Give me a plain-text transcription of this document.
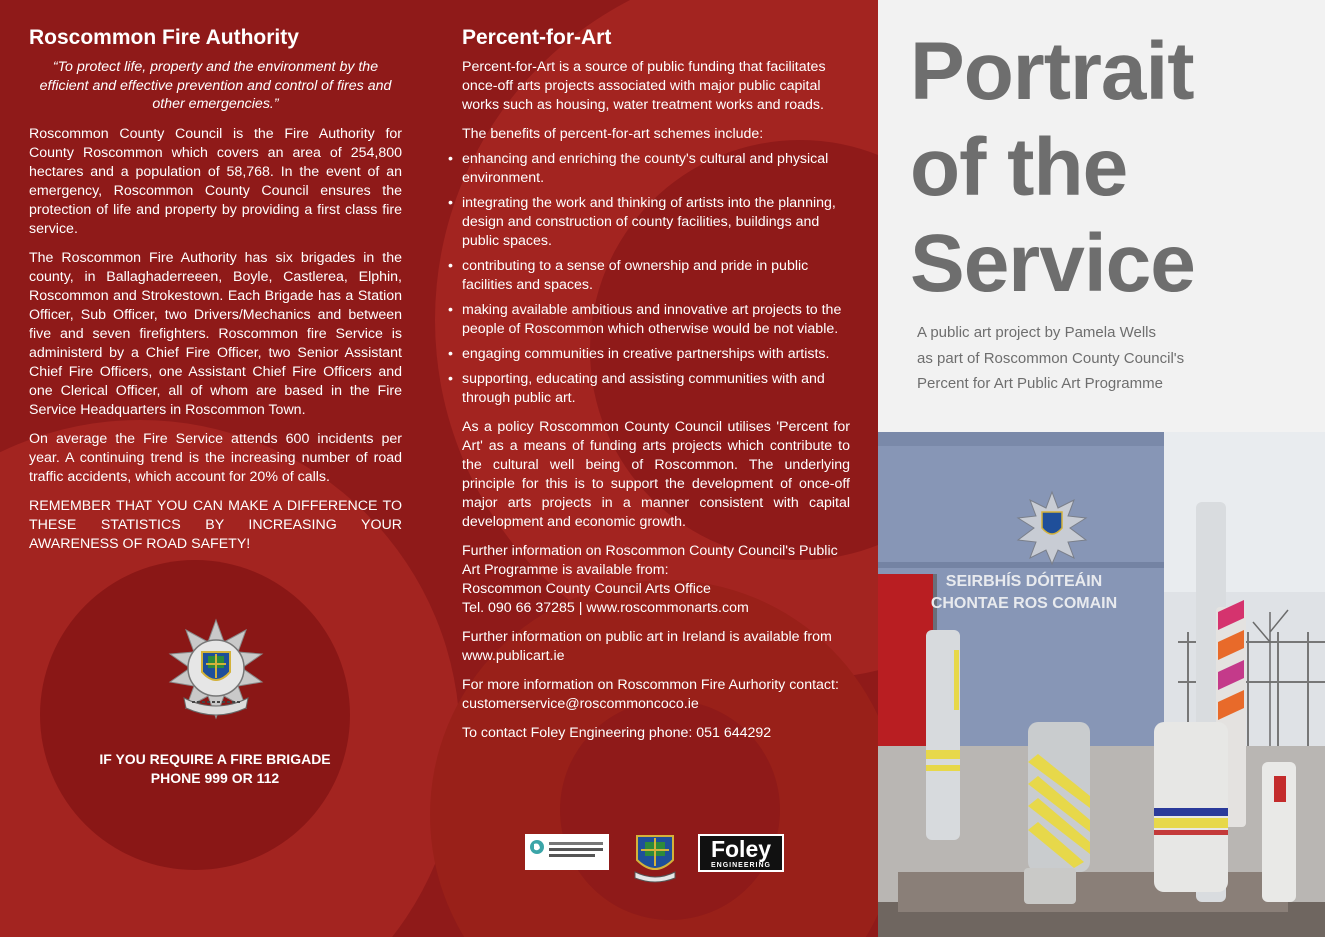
Roscommon Fire Authority

“To protect life, property and the environment by the efficient and effective prevention and control of fires and other emergencies.”

Roscommon County Council is the Fire Authority for County Roscommon which covers an area of 254,800 hectares and a population of 58,768. In the event of an emergency, Roscommon County Council ensures the protection of life and property by providing a first class fire service.

The Roscommon Fire Authority has six brigades in the county, in Ballaghaderreeen, Boyle, Castlerea, Elphin, Roscommon and Strokestown. Each Brigade has a Station Officer, Sub Officer, two Drivers/Mechanics and between five and seven firefighters. Roscommon fire Service is administerd by a Chief Fire Officer, two Senior Assistant Chief Fire Officers, one Assistant Chief Fire Officers and one Clerical Officer, all of whom are based in the Fire Service Headquarters in Roscommon Town.

On average the Fire Service attends 600 incidents per year. A continuing trend is the increasing number of road traffic accidents, which account for 20% of calls.

REMEMBER THAT YOU CAN MAKE A DIFFERENCE TO THESE STATISTICS BY INCREASING YOUR AWARENESS OF ROAD SAFETY!

IF YOU REQUIRE A FIRE BRIGADE
PHONE 999 OR 112
Percent-for-Art

Percent-for-Art is a source of public funding that facilitates once-off arts projects associated with major public capital works such as housing, water treatment works and roads.

The benefits of percent-for-art schemes include:

• enhancing and enriching the county's cultural and physical environment.
• integrating the work and thinking of artists into the planning, design and construction of county facilities, buildings and public spaces.
• contributing to a sense of ownership and pride in public facilities and spaces.
• making available ambitious and innovative art projects to the people of Roscommon which otherwise would be not viable.
• engaging communities in creative partnerships with artists.
• supporting, educating and assisting communities with and through public art.

As a policy Roscommon County Council utilises 'Percent for Art' as a means of funding arts projects which contribute to the cultural well being of Roscommon. The underlying principle for this is to support the development of once-off major arts projects in a manner consistent with capital development and economic growth.

Further information on Roscommon County Council's Public Art Programme is available from:
Roscommon County Council Arts Office
Tel. 090 66 37285 | www.roscommonarts.com

Further information on public art in Ireland is available from www.publicart.ie

For more information on Roscommon Fire Aurhority contact: customerservice@roscommoncoco.ie

To contact Foley Engineering phone: 051 644292

Foley
ENGINEERING
Portrait
of the
Service
A public art project by Pamela Wells
as part of Roscommon County Council's
Percent for Art Public Art Programme
SEIRBHÍS DÓITEÁIN
CHONTAE ROS COMAIN
